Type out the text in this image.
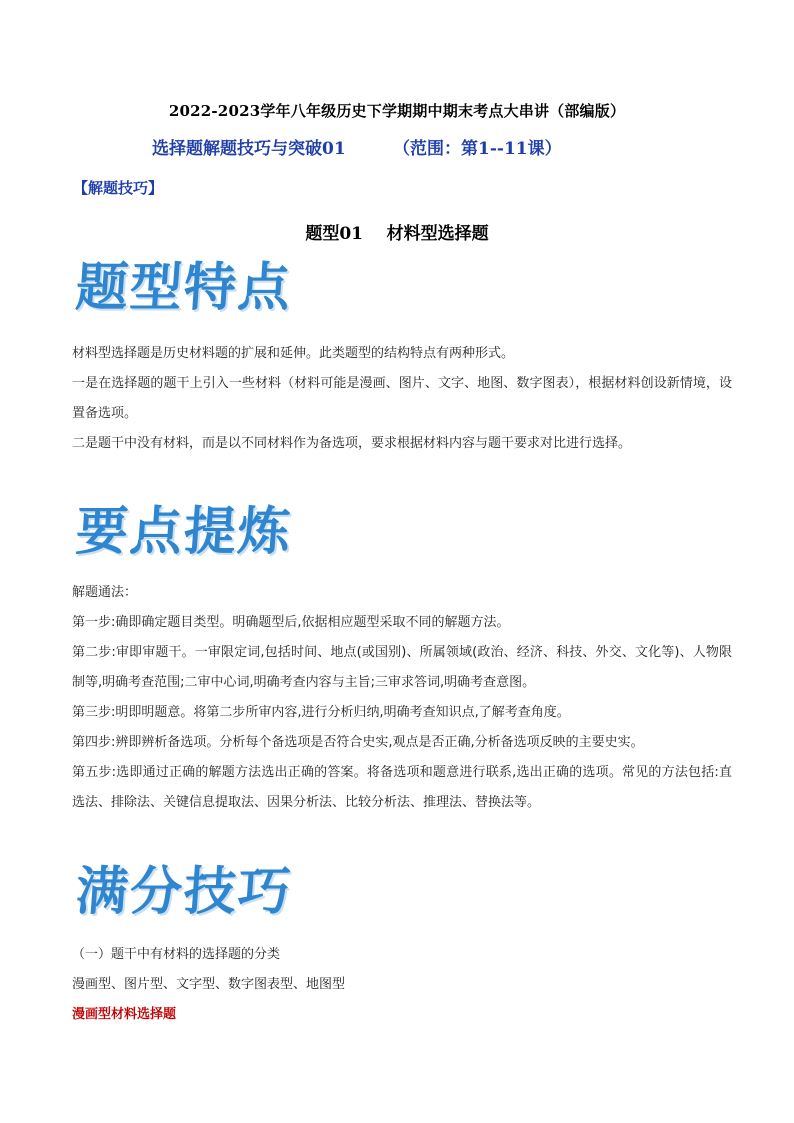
2022-2023学年八年级历史下学期期中期末考点大串讲（部编版）
选择题解题技巧与突破01        （范围：第1--11课）
【解题技巧】
题型01    材料型选择题
题型特点

材料型选择题是历史材料题的扩展和延伸。此类题型的结构特点有两种形式。

一是在选择题的题干上引入一些材料（材料可能是漫画、图片、文字、地图、数字图表），根据材料创设新情境，设置备选项。

二是题干中没有材料，而是以不同材料作为备选项，要求根据材料内容与题干要求对比进行选择。

要点提炼

解题通法：

第一步:确即确定题目类型。明确题型后,依据相应题型采取不同的解题方法。

第二步:审即审题干。一审限定词,包括时间、地点(或国别)、所属领域(政治、经济、科技、外交、文化等)、人物限制等,明确考查范围;二审中心词,明确考查内容与主旨;三审求答词,明确考查意图。

第三步:明即明题意。将第二步所审内容,进行分析归纳,明确考查知识点,了解考查角度。

第四步:辨即辨析备选项。分析每个备选项是否符合史实,观点是否正确,分析备选项反映的主要史实。

第五步:选即通过正确的解题方法选出正确的答案。将备选项和题意进行联系,选出正确的选项。常见的方法包括:直选法、排除法、关键信息提取法、因果分析法、比较分析法、推理法、替换法等。

满分技巧

（一）题干中有材料的选择题的分类

漫画型、图片型、文字型、数字图表型、地图型

漫画型材料选择题
